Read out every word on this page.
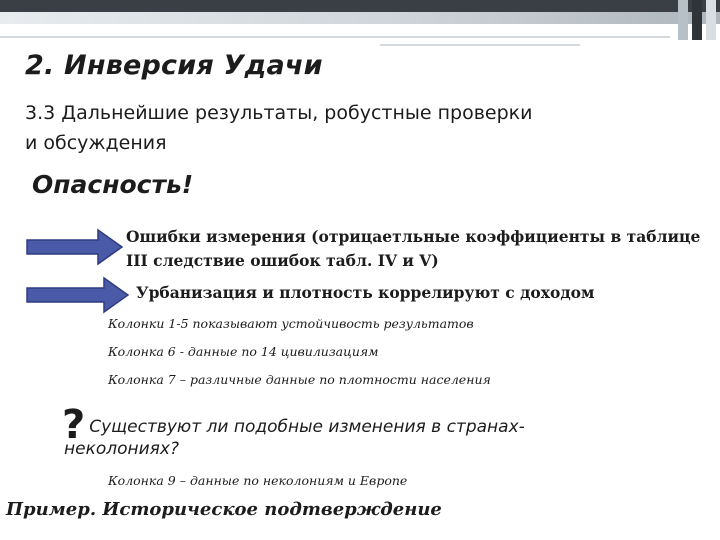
2. Инверсия Удачи
3.3 Дальнейшие результаты, робустные проверки и обсуждения
Опасность!
Ошибки измерения (отрицаетльные коэффициенты в таблице III следствие ошибок табл. IV и V)
Урбанизация и плотность коррелируют с доходом
Колонки 1-5 показывают устойчивость результатов
Колонка 6 - данные по 14 цивилизациям
Колонка 7 – различные данные по плотности населения
? Существуют ли подобные изменения в странах-
неколониях?
Колонка 9 – данные по неколониям и Европе
Пример. Историческое подтверждение
